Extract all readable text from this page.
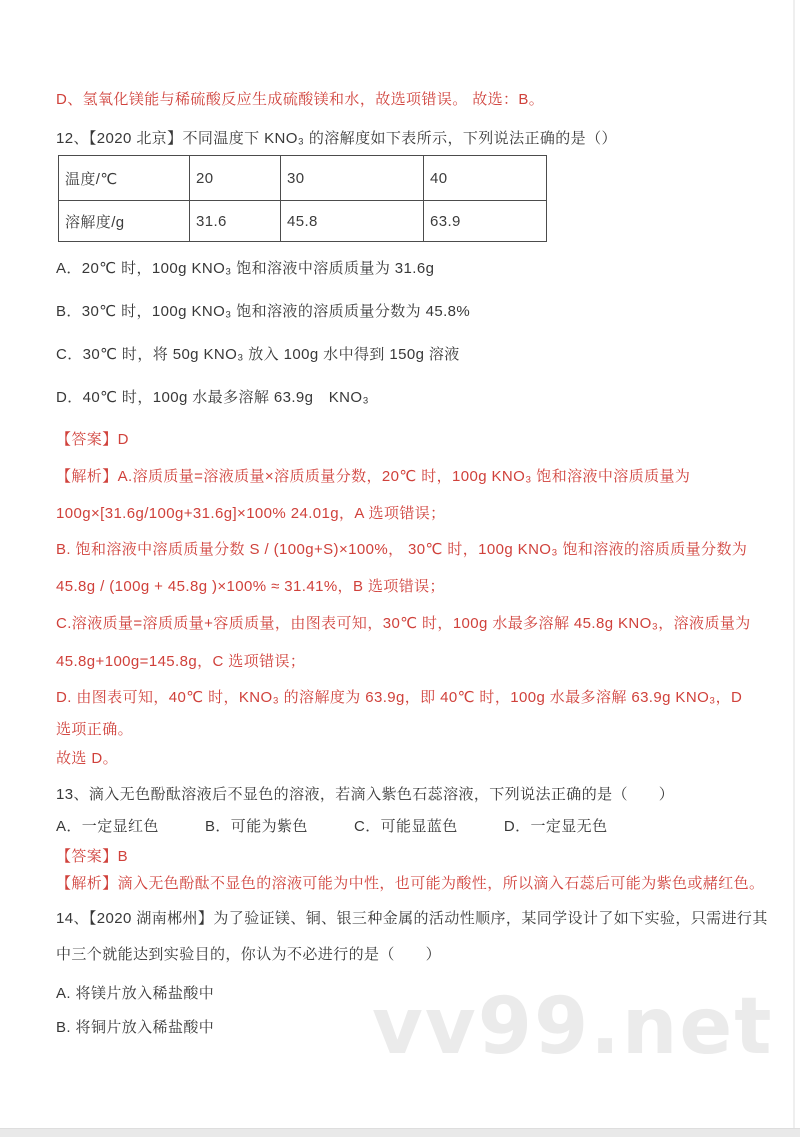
D、氢氧化镁能与稀硫酸反应生成硫酸镁和水，故选项错误。 故选：B。
12、【2020 北京】不同温度下 KNO₃ 的溶解度如下表所示，下列说法正确的是（）
温度/℃	20	30	40
溶解度/g	31.6	45.8	63.9
A．20℃ 时，100g KNO₃ 饱和溶液中溶质质量为 31.6g
B．30℃ 时，100g KNO₃ 饱和溶液的溶质质量分数为 45.8%
C．30℃ 时，将 50g KNO₃ 放入 100g 水中得到 150g 溶液
D．40℃ 时，100g 水最多溶解 63.9g　KNO₃
【答案】D
【解析】A.溶质质量=溶液质量×溶质质量分数，20℃ 时，100g KNO₃ 饱和溶液中溶质质量为
100g×[31.6g/100g+31.6g]×100% 24.01g，A 选项错误；
B. 饱和溶液中溶质质量分数 S / (100g+S)×100%， 30℃ 时，100g KNO₃ 饱和溶液的溶质质量分数为
45.8g / (100g + 45.8g )×100% ≈ 31.41%，B 选项错误；
C.溶液质量=溶质质量+容质质量，由图表可知，30℃ 时，100g 水最多溶解 45.8g KNO₃，溶液质量为
45.8g+100g=145.8g，C 选项错误；
D. 由图表可知，40℃ 时，KNO₃ 的溶解度为 63.9g，即 40℃ 时，100g 水最多溶解 63.9g KNO₃，D
选项正确。
故选 D。
13、滴入无色酚酞溶液后不显色的溶液，若滴入紫色石蕊溶液，下列说法正确的是（　　）
A．一定显红色　　　B．可能为紫色　　　C．可能显蓝色　　　D．一定显无色
【答案】B
【解析】滴入无色酚酞不显色的溶液可能为中性，也可能为酸性，所以滴入石蕊后可能为紫色或赭红色。
14、【2020 湖南郴州】为了验证镁、铜、银三种金属的活动性顺序，某同学设计了如下实验，只需进行其
中三个就能达到实验目的，你认为不必进行的是（　　）
A. 将镁片放入稀盐酸中
B. 将铜片放入稀盐酸中 vv99.net
